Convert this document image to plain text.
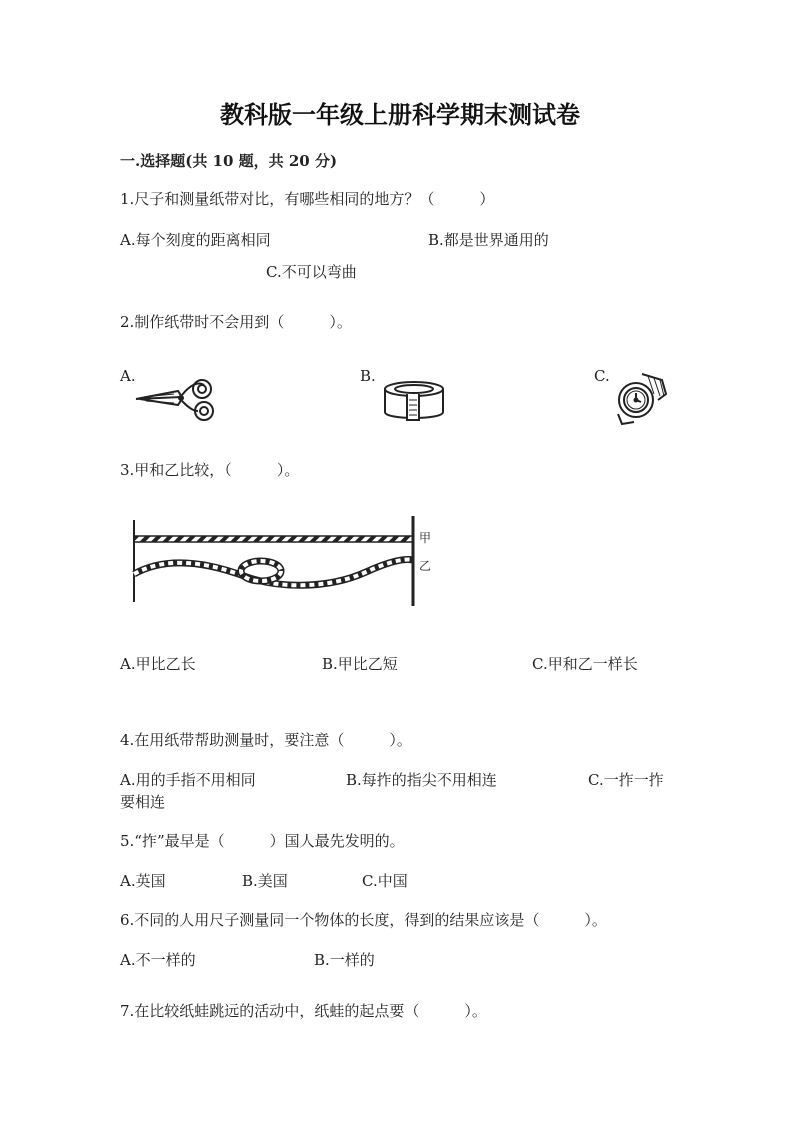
教科版一年级上册科学期末测试卷
一.选择题(共 10 题，共 20 分)
1.尺子和测量纸带对比，有哪些相同的地方？（　　　）
A.每个刻度的距离相同	B.都是世界通用的
C.不可以弯曲
2.制作纸带时不会用到（　　　）。
A.	B.	C.
3.甲和乙比较，（　　　）。
甲
乙
A.甲比乙长	B.甲比乙短	C.甲和乙一样长
4.在用纸带帮助测量时，要注意（　　　）。
A.用的手指不用相同	B.每拃的指尖不用相连	C.一拃一拃
要相连
5.“拃”最早是（　　　）国人最先发明的。
A.英国	B.美国	C.中国
6.不同的人用尺子测量同一个物体的长度，得到的结果应该是（　　　）。
A.不一样的	B.一样的
7.在比较纸蛙跳远的活动中，纸蛙的起点要（　　　）。
